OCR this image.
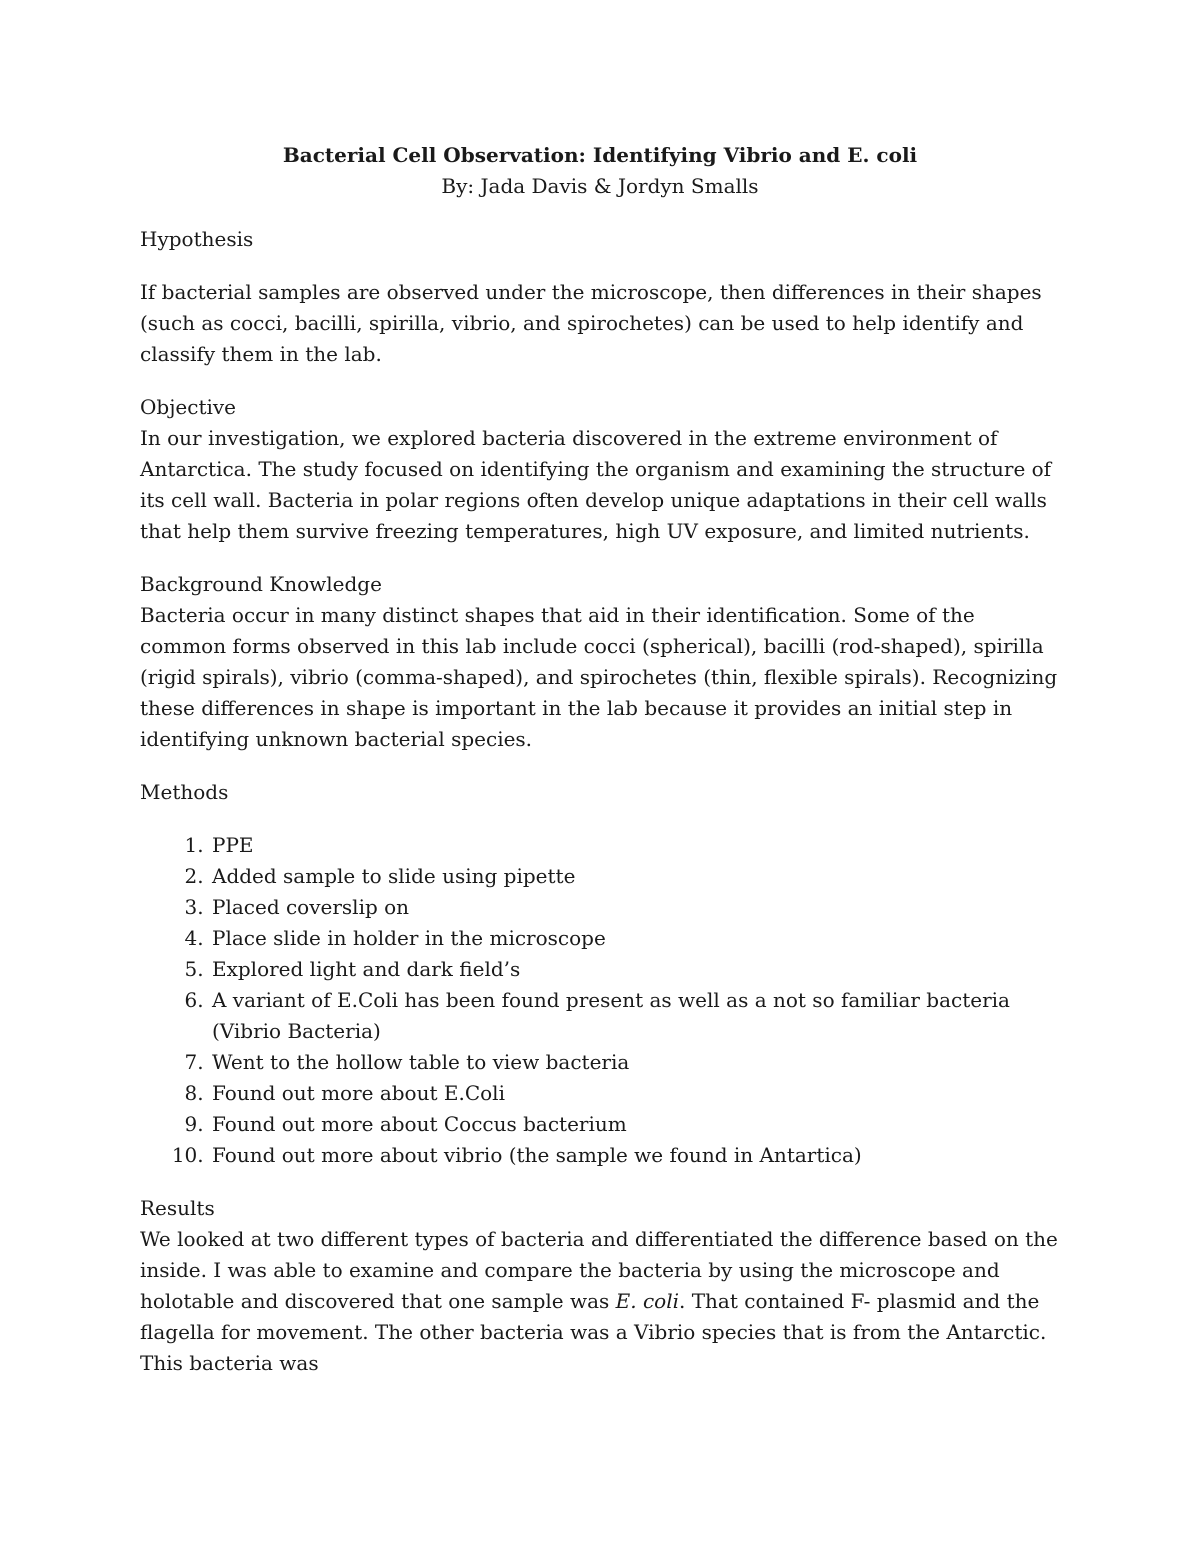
Bacterial Cell Observation: Identifying Vibrio and E. coli

By: Jada Davis & Jordyn Smalls

Hypothesis

If bacterial samples are observed under the microscope, then differences in their shapes (such as cocci, bacilli, spirilla, vibrio, and spirochetes) can be used to help identify and classify them in the lab.

Objective

In our investigation, we explored bacteria discovered in the extreme environment of Antarctica. The study focused on identifying the organism and examining the structure of its cell wall. Bacteria in polar regions often develop unique adaptations in their cell walls that help them survive freezing temperatures, high UV exposure, and limited nutrients.

Background Knowledge

Bacteria occur in many distinct shapes that aid in their identification. Some of the common forms observed in this lab include cocci (spherical), bacilli (rod-shaped), spirilla (rigid spirals), vibrio (comma-shaped), and spirochetes (thin, flexible spirals). Recognizing these differences in shape is important in the lab because it provides an initial step in identifying unknown bacterial species.

Methods

1. PPE
2. Added sample to slide using pipette
3. Placed coverslip on
4. Place slide in holder in the microscope
5. Explored light and dark field’s
6. A variant of E.Coli has been found present as well as a not so familiar bacteria (Vibrio Bacteria)
7. Went to the hollow table to view bacteria
8. Found out more about E.Coli
9. Found out more about Coccus bacterium
10. Found out more about vibrio (the sample we found in Antartica)

Results

We looked at two different types of bacteria and differentiated the difference based on the inside. I was able to examine and compare the bacteria by using the microscope and holotable and discovered that one sample was E. coli. That contained F- plasmid and the flagella for movement. The other bacteria was a Vibrio species that is from the Antarctic. This bacteria was
